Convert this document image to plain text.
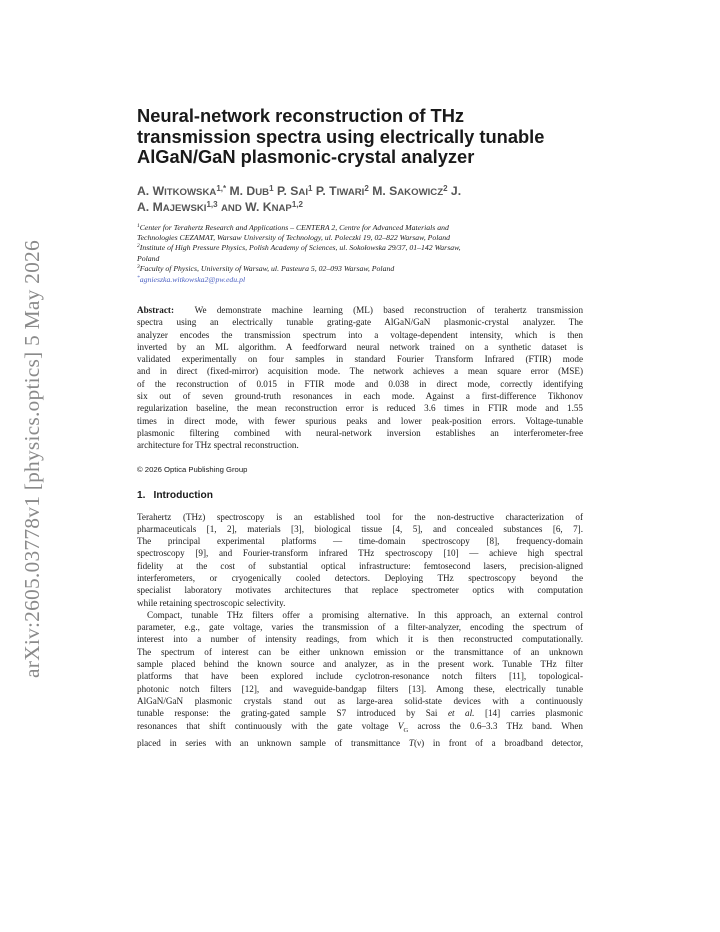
arXiv:2605.03778v1 [physics.optics] 5 May 2026
Neural-network reconstruction of THz
transmission spectra using electrically tunable
AlGaN/GaN plasmonic-crystal analyzer
A. $WITKOWSKA^{1,*}$ M. DUB$^1$ P. SAI$^1$ P. TIWARI$^2$ M. SAKOWICZ$^2$ J.
A. MAJEWSKI$^{1,3}$ AND W. KNAP$^{1,2}$
$^1$Center for Terahertz Research and Applications – CENTERA 2, Centre for Advanced Materials and
Technologies CEZAMAT, Warsaw University of Technology, ul. Poleczki 19, 02–822 Warsaw, Poland
$^2$Institute of High Pressure Physics, Polish Academy of Sciences, ul. Sokołowska 29/37, 01–142 Warsaw,
Poland
$^3$Faculty of Physics, University of Warsaw, ul. Pasteura 5, 02–093 Warsaw, Poland
*agnieszka.witkowska2@pw.edu.pl
Abstract: We demonstrate machine learning (ML) based reconstruction of terahertz transmission
spectra using an electrically tunable grating-gate AlGaN/GaN plasmonic-crystal analyzer. The
analyzer encodes the transmission spectrum into a voltage-dependent intensity, which is then
inverted by an ML algorithm. A feedforward neural network trained on a synthetic dataset is
validated experimentally on four samples in standard Fourier Transform Infrared (FTIR) mode
and in direct (fixed-mirror) acquisition mode. The network achieves a mean square error (MSE)
of the reconstruction of 0.015 in FTIR mode and 0.038 in direct mode, correctly identifying
six out of seven ground-truth resonances in each mode. Against a first-difference Tikhonov
regularization baseline, the mean reconstruction error is reduced 3.6 times in FTIR mode and 1.55
times in direct mode, with fewer spurious peaks and lower peak-position errors. Voltage-tunable
plasmonic filtering combined with neural-network inversion establishes an interferometer-free
architecture for THz spectral reconstruction.
© 2026 Optica Publishing Group
1. Introduction
Terahertz (THz) spectroscopy is an established tool for the non-destructive characterization of
pharmaceuticals [1, 2], materials [3], biological tissue [4, 5], and concealed substances [6, 7].
The principal experimental platforms — time-domain spectroscopy [8], frequency-domain
spectroscopy [9], and Fourier-transform infrared THz spectroscopy [10] — achieve high spectral
fidelity at the cost of substantial optical infrastructure: femtosecond lasers, precision-aligned
interferometers, or cryogenically cooled detectors. Deploying THz spectroscopy beyond the
specialist laboratory motivates architectures that replace spectrometer optics with computation
while retaining spectroscopic selectivity.
Compact, tunable THz filters offer a promising alternative. In this approach, an external control
parameter, e.g., gate voltage, varies the transmission of a filter-analyzer, encoding the spectrum of
interest into a number of intensity readings, from which it is then reconstructed computationally.
The spectrum of interest can be either unknown emission or the transmittance of an unknown
sample placed behind the known source and analyzer, as in the present work. Tunable THz filter
platforms that have been explored include cyclotron-resonance notch filters [11], topological-
photonic notch filters [12], and waveguide-bandgap filters [13]. Among these, electrically tunable
AlGaN/GaN plasmonic crystals stand out as large-area solid-state devices with a continuously
tunable response: the grating-gated sample S7 introduced by Sai et al. [14] carries plasmonic
resonances that shift continuously with the gate voltage $V_G$ across the 0.6–3.3 THz band. When
placed in series with an unknown sample of transmittance T(ν) in front of a broadband detector,
